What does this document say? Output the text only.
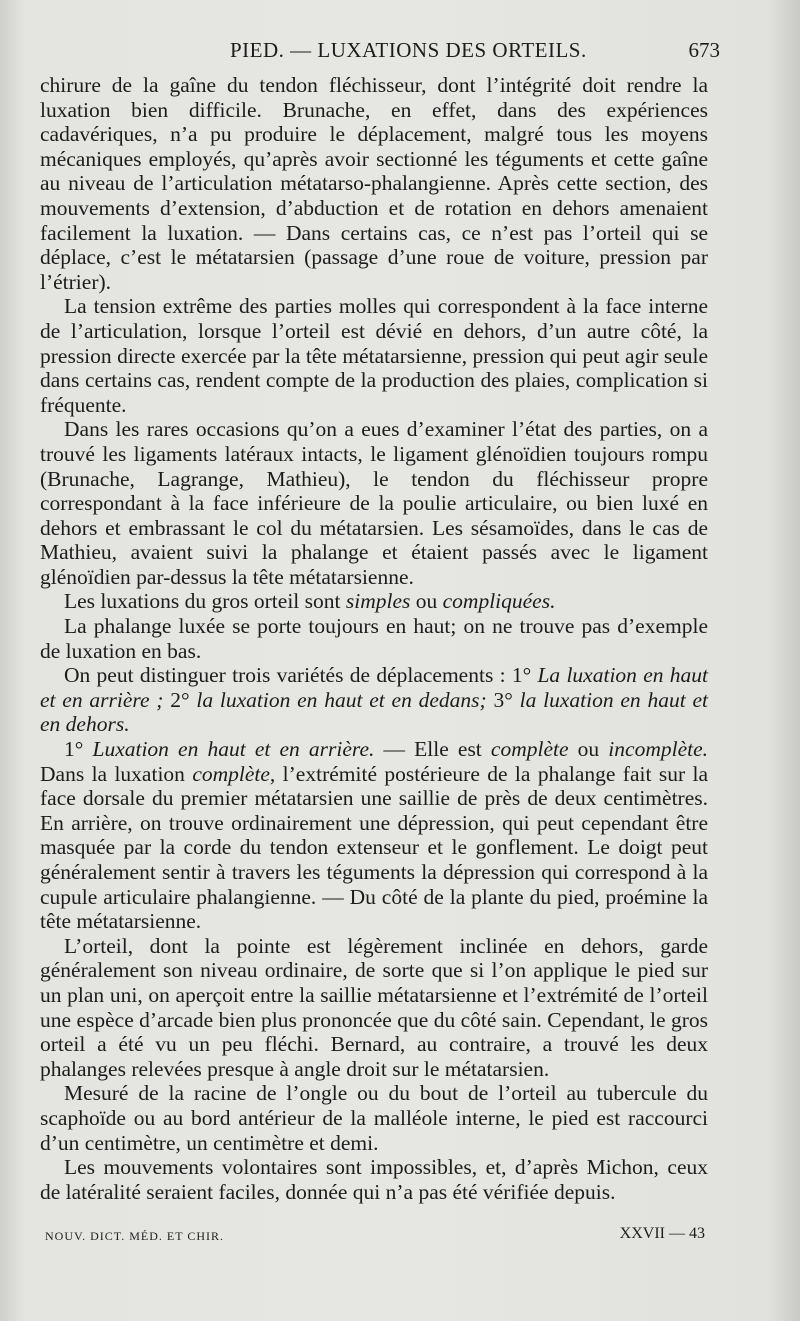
PIED. — LUXATIONS DES ORTEILS.	673

chirure de la gaîne du tendon fléchisseur, dont l’intégrité doit rendre la luxation bien difficile. Brunache, en effet, dans des expériences cadavériques, n’a pu produire le déplacement, malgré tous les moyens mécaniques employés, qu’après avoir sectionné les téguments et cette gaîne au niveau de l’articulation métatarso-phalangienne. Après cette section, des mouvements d’extension, d’abduction et de rotation en dehors amenaient facilement la luxation. — Dans certains cas, ce n’est pas l’orteil qui se déplace, c’est le métatarsien (passage d’une roue de voiture, pression par l’étrier).

La tension extrême des parties molles qui correspondent à la face interne de l’articulation, lorsque l’orteil est dévié en dehors, d’un autre côté, la pression directe exercée par la tête métatarsienne, pression qui peut agir seule dans certains cas, rendent compte de la production des plaies, complication si fréquente.

Dans les rares occasions qu’on a eues d’examiner l’état des parties, on a trouvé les ligaments latéraux intacts, le ligament glénoïdien toujours rompu (Brunache, Lagrange, Mathieu), le tendon du fléchisseur propre correspondant à la face inférieure de la poulie articulaire, ou bien luxé en dehors et embrassant le col du métatarsien. Les sésamoïdes, dans le cas de Mathieu, avaient suivi la phalange et étaient passés avec le ligament glénoïdien par-dessus la tête métatarsienne.

Les luxations du gros orteil sont simples ou compliquées.

La phalange luxée se porte toujours en haut; on ne trouve pas d’exemple de luxation en bas.

On peut distinguer trois variétés de déplacements : 1° La luxation en haut et en arrière ; 2° la luxation en haut et en dedans; 3° la luxation en haut et en dehors.

1° Luxation en haut et en arrière. — Elle est complète ou incomplète. Dans la luxation complète, l’extrémité postérieure de la phalange fait sur la face dorsale du premier métatarsien une saillie de près de deux centimètres. En arrière, on trouve ordinairement une dépression, qui peut cependant être masquée par la corde du tendon extenseur et le gonflement. Le doigt peut généralement sentir à travers les téguments la dépression qui correspond à la cupule articulaire phalangienne. — Du côté de la plante du pied, proémine la tête métatarsienne.

L’orteil, dont la pointe est légèrement inclinée en dehors, garde généralement son niveau ordinaire, de sorte que si l’on applique le pied sur un plan uni, on aperçoit entre la saillie métatarsienne et l’extrémité de l’orteil une espèce d’arcade bien plus prononcée que du côté sain. Cependant, le gros orteil a été vu un peu fléchi. Bernard, au contraire, a trouvé les deux phalanges relevées presque à angle droit sur le métatarsien.

Mesuré de la racine de l’ongle ou du bout de l’orteil au tubercule du scaphoïde ou au bord antérieur de la malléole interne, le pied est raccourci d’un centimètre, un centimètre et demi.

Les mouvements volontaires sont impossibles, et, d’après Michon, ceux de latéralité seraient faciles, donnée qui n’a pas été vérifiée depuis.

NOUV. DICT. MÉD. ET CHIR.	XXVII — 43
